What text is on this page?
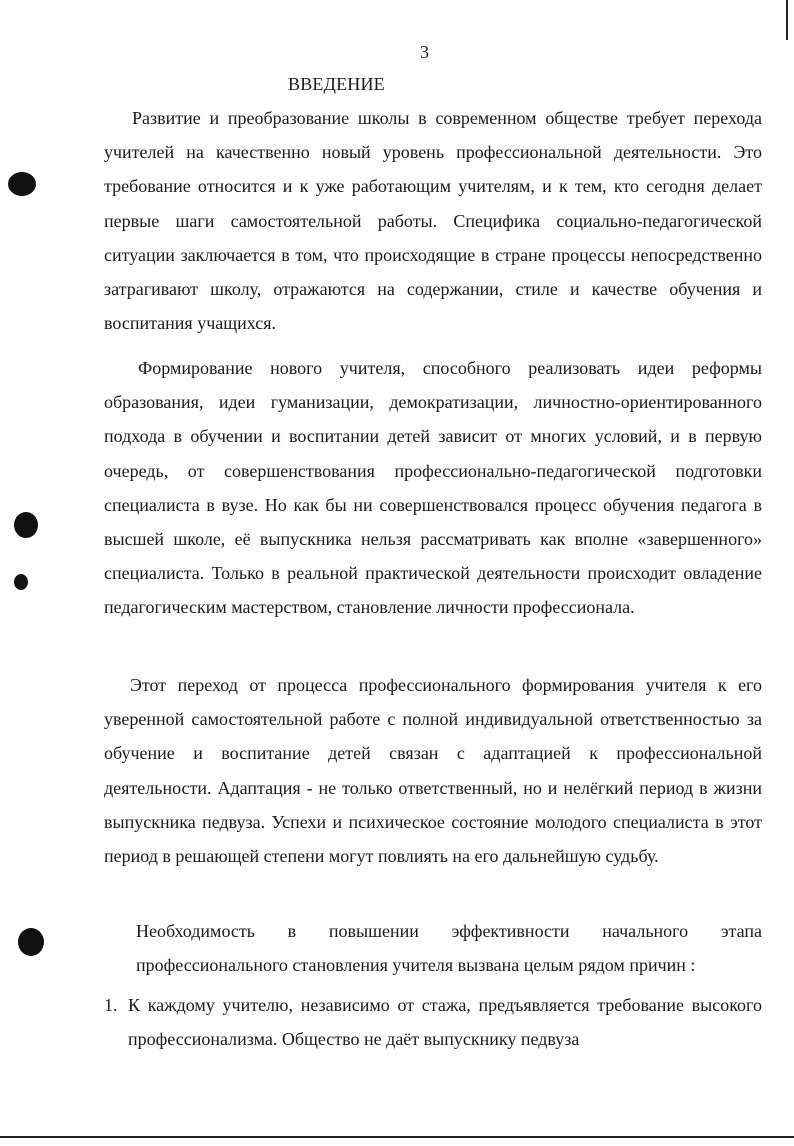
3
ВВЕДЕНИЕ

Развитие и преобразование школы в современном обществе требует перехода учителей на качественно новый уровень профессиональной деятельности. Это требование относится и к уже работающим учителям, и к тем, кто сегодня делает первые шаги самостоятельной работы. Специфика социально-педагогической ситуации заключается в том, что происходящие в стране процессы непосредственно затрагивают школу, отражаются на содержании, стиле и качестве обучения и воспитания учащихся.

Формирование нового учителя, способного реализовать идеи реформы образования, идеи гуманизации, демократизации, личностно-ориентированного подхода в обучении и воспитании детей зависит от многих условий, и в первую очередь, от совершенствования профессионально-педагогической подготовки специалиста в вузе. Но как бы ни совершенствовался процесс обучения педагога в высшей школе, её выпускника нельзя рассматривать как вполне «завершенного» специалиста. Только в реальной практической деятельности происходит овладение педагогическим мастерством, становление личности профессионала.

Этот переход от процесса профессионального формирования учителя к его уверенной самостоятельной работе с полной индивидуальной ответственностью за обучение и воспитание детей связан с адаптацией к профессиональной деятельности. Адаптация - не только ответственный, но и нелёгкий период в жизни выпускника педвуза. Успехи и психическое состояние молодого специалиста в этот период в решающей степени могут повлиять на его дальнейшую судьбу.

Необходимость в повышении эффективности начального этапа профессионального становления учителя вызвана целым рядом причин :

1. К каждому учителю, независимо от стажа, предъявляется требование высокого профессионализма. Общество не даёт выпускнику педвуза
